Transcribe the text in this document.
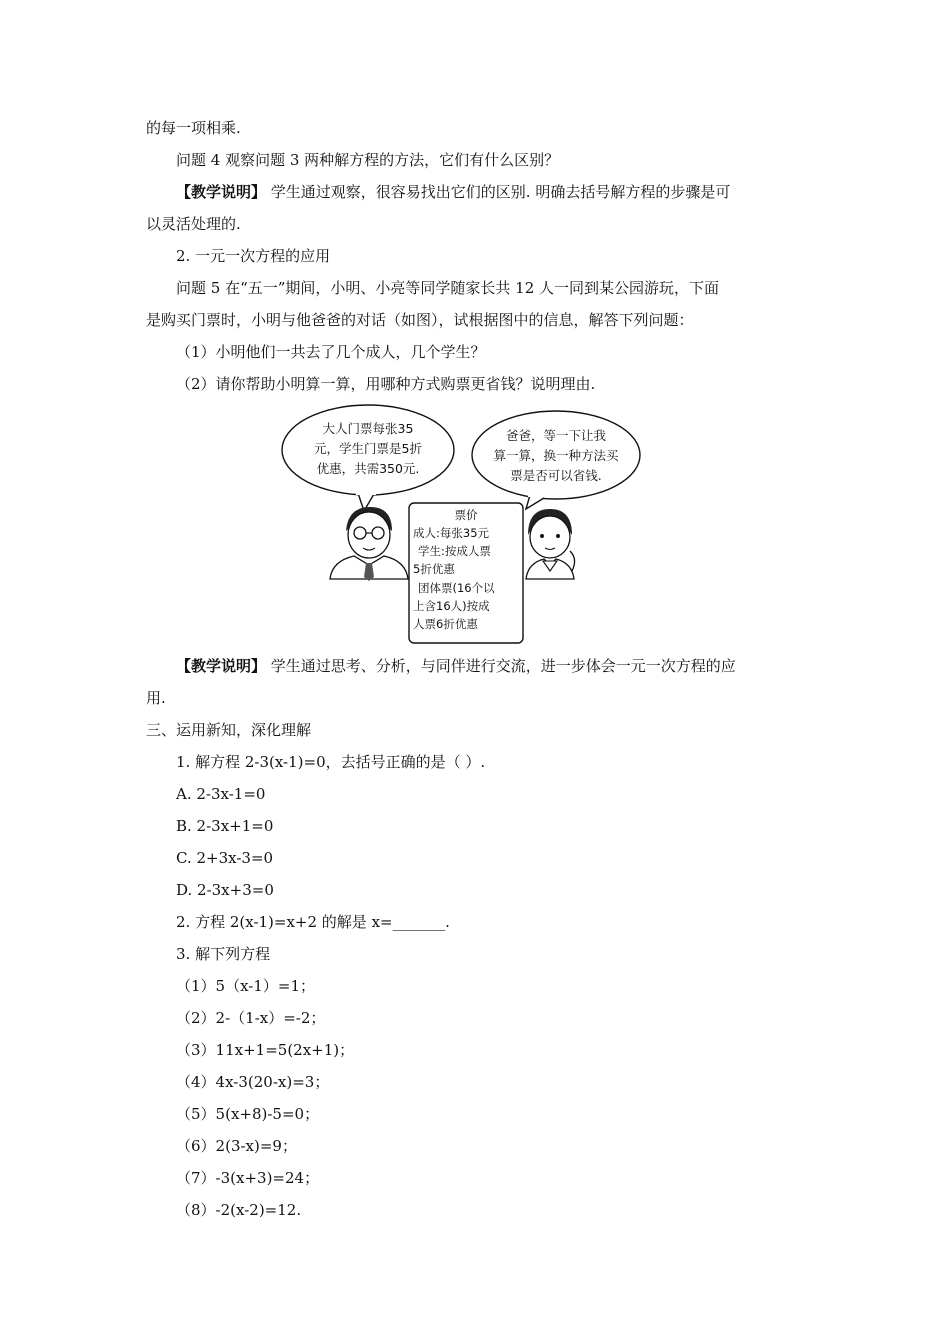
的每一项相乘.
问题 4 观察问题 3 两种解方程的方法，它们有什么区别？
【教学说明】 学生通过观察，很容易找出它们的区别. 明确去括号解方程的步骤是可
以灵活处理的.
2. 一元一次方程的应用
问题 5 在“五一”期间，小明、小亮等同学随家长共 12 人一同到某公园游玩，下面
是购买门票时，小明与他爸爸的对话（如图），试根据图中的信息，解答下列问题：
（1）小明他们一共去了几个成人，几个学生？
（2）请你帮助小明算一算，用哪种方式购票更省钱？说明理由.
大人门票每张35
元，学生门票是5折
优惠，共需350元.
爸爸，等一下让我
算一算，换一种方法买
票是否可以省钱.
票价
成人:每张35元
学生:按成人票
5折优惠
团体票(16个以
上含16人)按成
人票6折优惠
【教学说明】 学生通过思考、分析，与同伴进行交流，进一步体会一元一次方程的应
用.
三、运用新知，深化理解
1. 解方程 2-3(x-1)=0，去括号正确的是（ ）.
A. 2-3x-1=0
B. 2-3x+1=0
C. 2+3x-3=0
D. 2-3x+3=0
2. 方程 2(x-1)=x+2 的解是 x=_______.
3. 解下列方程
（1）5（x-1）=1；
（2）2-（1-x）=-2；
（3）11x+1=5(2x+1)；
（4）4x-3(20-x)=3；
（5）5(x+8)-5=0；
（6）2(3-x)=9；
（7）-3(x+3)=24；
（8）-2(x-2)=12.
